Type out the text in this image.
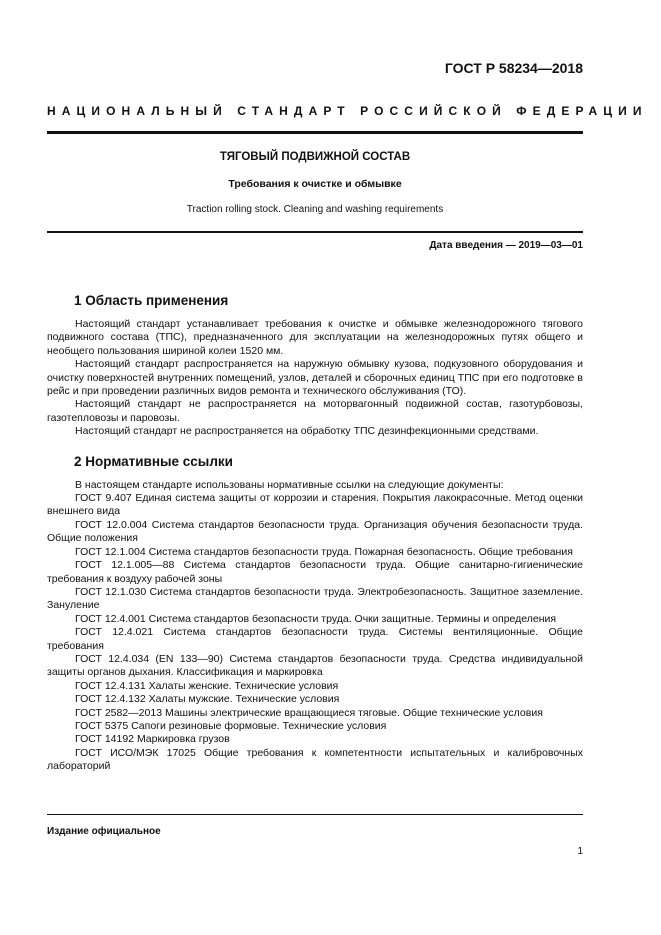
ГОСТ Р 58234—2018
НАЦИОНАЛЬНЫЙ СТАНДАРТ РОССИЙСКОЙ ФЕДЕРАЦИИ
ТЯГОВЫЙ ПОДВИЖНОЙ СОСТАВ
Требования к очистке и обмывке
Traction rolling stock. Cleaning and washing requirements
Дата введения — 2019—03—01
1 Область применения

Настоящий стандарт устанавливает требования к очистке и обмывке железнодорожного тягового подвижного состава (ТПС), предназначенного для эксплуатации на железнодорожных путях общего и необщего пользования шириной колеи 1520 мм.

Настоящий стандарт распространяется на наружную обмывку кузова, подкузовного оборудования и очистку поверхностей внутренних помещений, узлов, деталей и сборочных единиц ТПС при его подготовке в рейс и при проведении различных видов ремонта и технического обслуживания (ТО).

Настоящий стандарт не распространяется на моторвагонный подвижной состав, газотурбовозы, газотепловозы и паровозы.

Настоящий стандарт не распространяется на обработку ТПС дезинфекционными средствами.

2 Нормативные ссылки

В настоящем стандарте использованы нормативные ссылки на следующие документы:

ГОСТ 9.407 Единая система защиты от коррозии и старения. Покрытия лакокрасочные. Метод оценки внешнего вида

ГОСТ 12.0.004 Система стандартов безопасности труда. Организация обучения безопасности труда. Общие положения

ГОСТ 12.1.004 Система стандартов безопасности труда. Пожарная безопасность. Общие требования

ГОСТ 12.1.005—88 Система стандартов безопасности труда. Общие санитарно-гигиенические требования к воздуху рабочей зоны

ГОСТ 12.1.030 Система стандартов безопасности труда. Электробезопасность. Защитное заземление. Зануление

ГОСТ 12.4.001 Система стандартов безопасности труда. Очки защитные. Термины и определения

ГОСТ 12.4.021 Система стандартов безопасности труда. Системы вентиляционные. Общие требования

ГОСТ 12.4.034 (EN 133—90) Система стандартов безопасности труда. Средства индивидуальной защиты органов дыхания. Классификация и маркировка

ГОСТ 12.4.131 Халаты женские. Технические условия

ГОСТ 12.4.132 Халаты мужские. Технические условия

ГОСТ 2582—2013 Машины электрические вращающиеся тяговые. Общие технические условия

ГОСТ 5375 Сапоги резиновые формовые. Технические условия

ГОСТ 14192 Маркировка грузов

ГОСТ ИСО/МЭК 17025 Общие требования к компетентности испытательных и калибровочных лабораторий

Издание официальное
1
